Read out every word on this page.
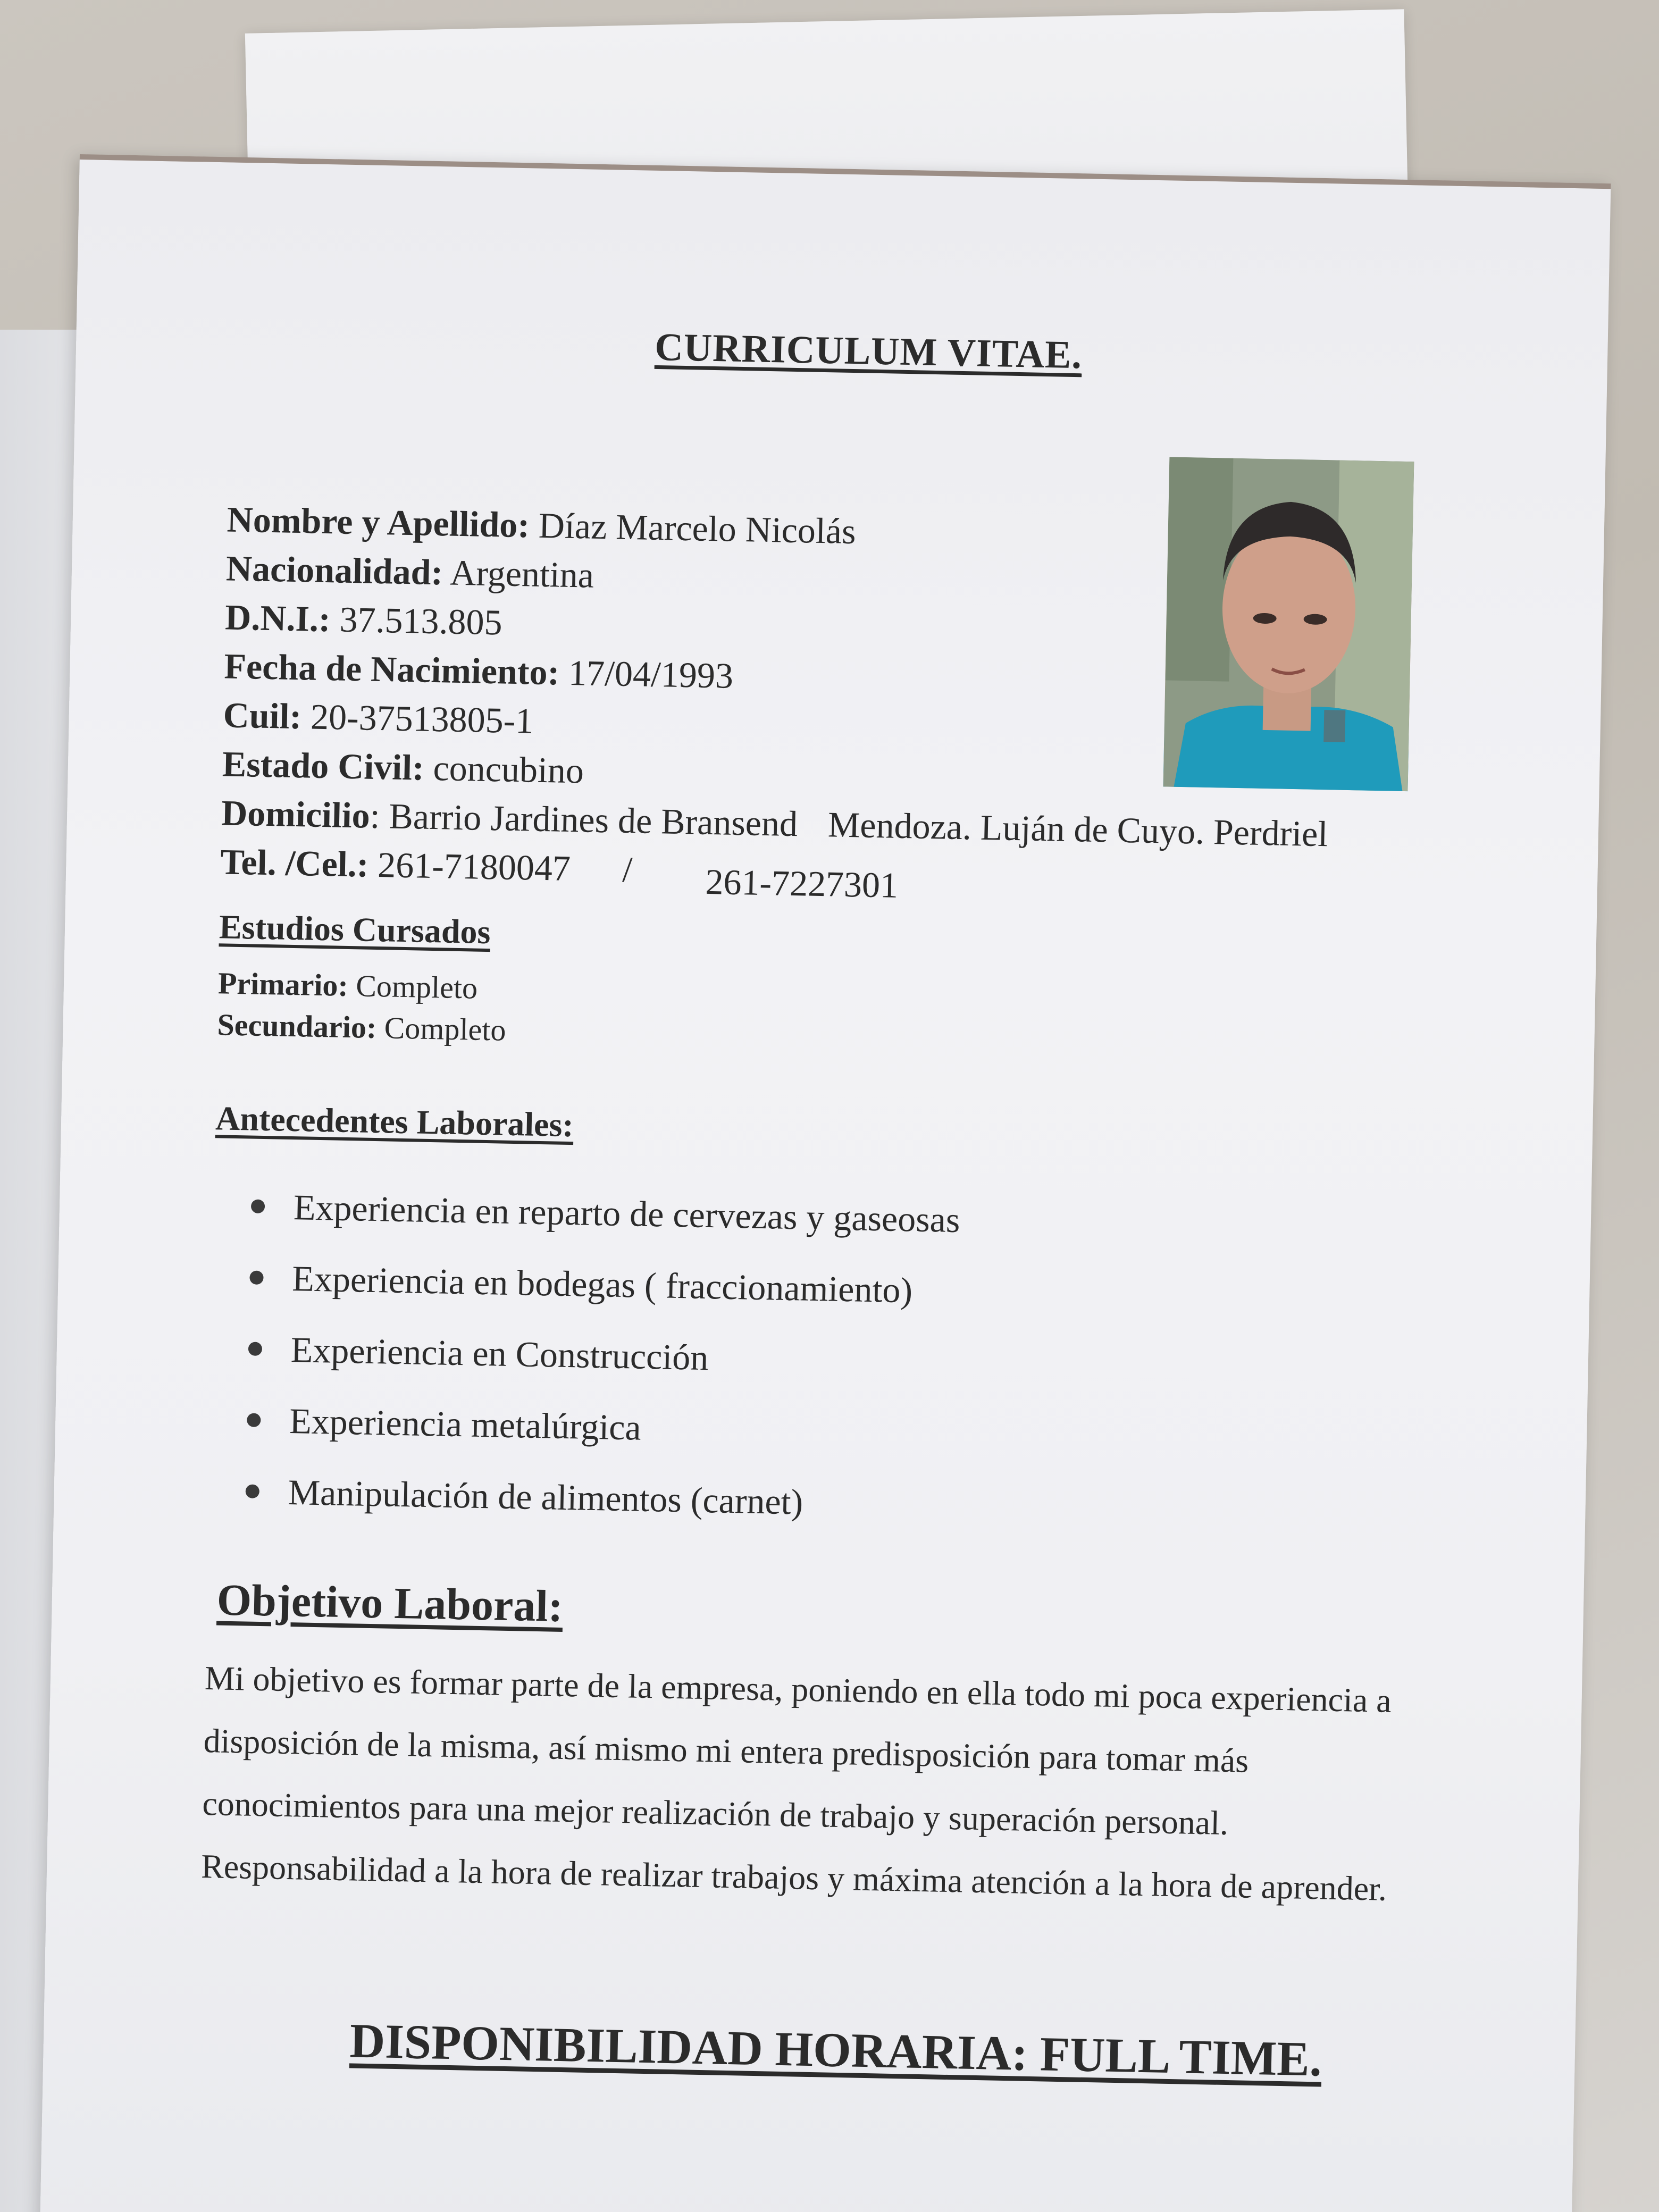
CURRICULUM VITAE.
Nombre y Apellido: Díaz Marcelo Nicolás
Nacionalidad: Argentina
D.N.I.: 37.513.805
Fecha de Nacimiento: 17/04/1993
Cuil: 20-37513805-1
Estado Civil: concubino
Domicilio: Barrio Jardines de Bransend Mendoza. Luján de Cuyo. Perdriel
Tel. /Cel.: 261-7180047 / 261-7227301
Estudios Cursados
Primario: Completo
Secundario: Completo
Antecedentes Laborales:
Experiencia en reparto de cervezas y gaseosas
Experiencia en bodegas ( fraccionamiento)
Experiencia en Construcción
Experiencia metalúrgica
Manipulación de alimentos (carnet)
Objetivo Laboral:

Mi objetivo es formar parte de la empresa, poniendo en ella todo mi poca experiencia a disposición de la misma, así mismo mi entera predisposición para tomar más conocimientos para una mejor realización de trabajo y superación personal. Responsabilidad a la hora de realizar trabajos y máxima atención a la hora de aprender.

DISPONIBILIDAD HORARIA: FULL TIME.
